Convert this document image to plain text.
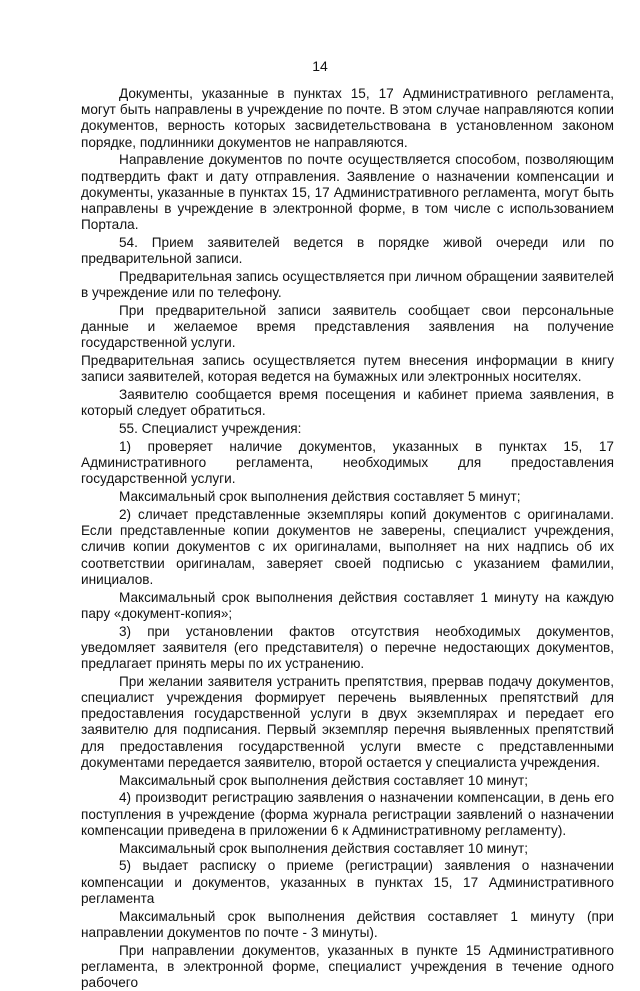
14

Документы, указанные в пунктах 15, 17 Административного регламента, могут быть направлены в учреждение по почте. В этом случае направляются копии документов, верность которых засвидетельствована в установленном законом порядке, подлинники документов не направляются.

Направление документов по почте осуществляется способом, позволяющим подтвердить факт и дату отправления. Заявление о назначении компенсации и документы, указанные в пунктах 15, 17 Административного регламента, могут быть направлены в учреждение в электронной форме, в том числе с использованием Портала.

54. Прием заявителей ведется в порядке живой очереди или по предварительной записи.

Предварительная запись осуществляется при личном обращении заявителей в учреждение или по телефону.

При предварительной записи заявитель сообщает свои персональные данные и желаемое время представления заявления на получение государственной услуги.

Предварительная запись осуществляется путем внесения информации в книгу записи заявителей, которая ведется на бумажных или электронных носителях.

Заявителю сообщается время посещения и кабинет приема заявления, в который следует обратиться.

55. Специалист учреждения:

1) проверяет наличие документов, указанных в пунктах 15, 17 Административного регламента, необходимых для предоставления государственной услуги.

Максимальный срок выполнения действия составляет 5 минут;

2) сличает представленные экземпляры копий документов с оригиналами. Если представленные копии документов не заверены, специалист учреждения, сличив копии документов с их оригиналами, выполняет на них надпись об их соответствии оригиналам, заверяет своей подписью с указанием фамилии, инициалов.

Максимальный срок выполнения действия составляет 1 минуту на каждую пару «документ-копия»;

3) при установлении фактов отсутствия необходимых документов, уведомляет заявителя (его представителя) о перечне недостающих документов, предлагает принять меры по их устранению.

При желании заявителя устранить препятствия, прервав подачу документов, специалист учреждения формирует перечень выявленных препятствий для предоставления государственной услуги в двух экземплярах и передает его заявителю для подписания. Первый экземпляр перечня выявленных препятствий для предоставления государственной услуги вместе с представленными документами передается заявителю, второй остается у специалиста учреждения.

Максимальный срок выполнения действия составляет 10 минут;

4) производит регистрацию заявления о назначении компенсации, в день его поступления в учреждение (форма журнала регистрации заявлений о назначении компенсации приведена в приложении 6 к Административному регламенту).

Максимальный срок выполнения действия составляет 10 минут;

5) выдает расписку о приеме (регистрации) заявления о назначении компенсации и документов, указанных в пунктах 15, 17 Административного регламента

Максимальный срок выполнения действия составляет 1 минуту (при направлении документов по почте - 3 минуты).

При направлении документов, указанных в пункте 15 Административного регламента, в электронной форме, специалист учреждения в течение одного рабочего
